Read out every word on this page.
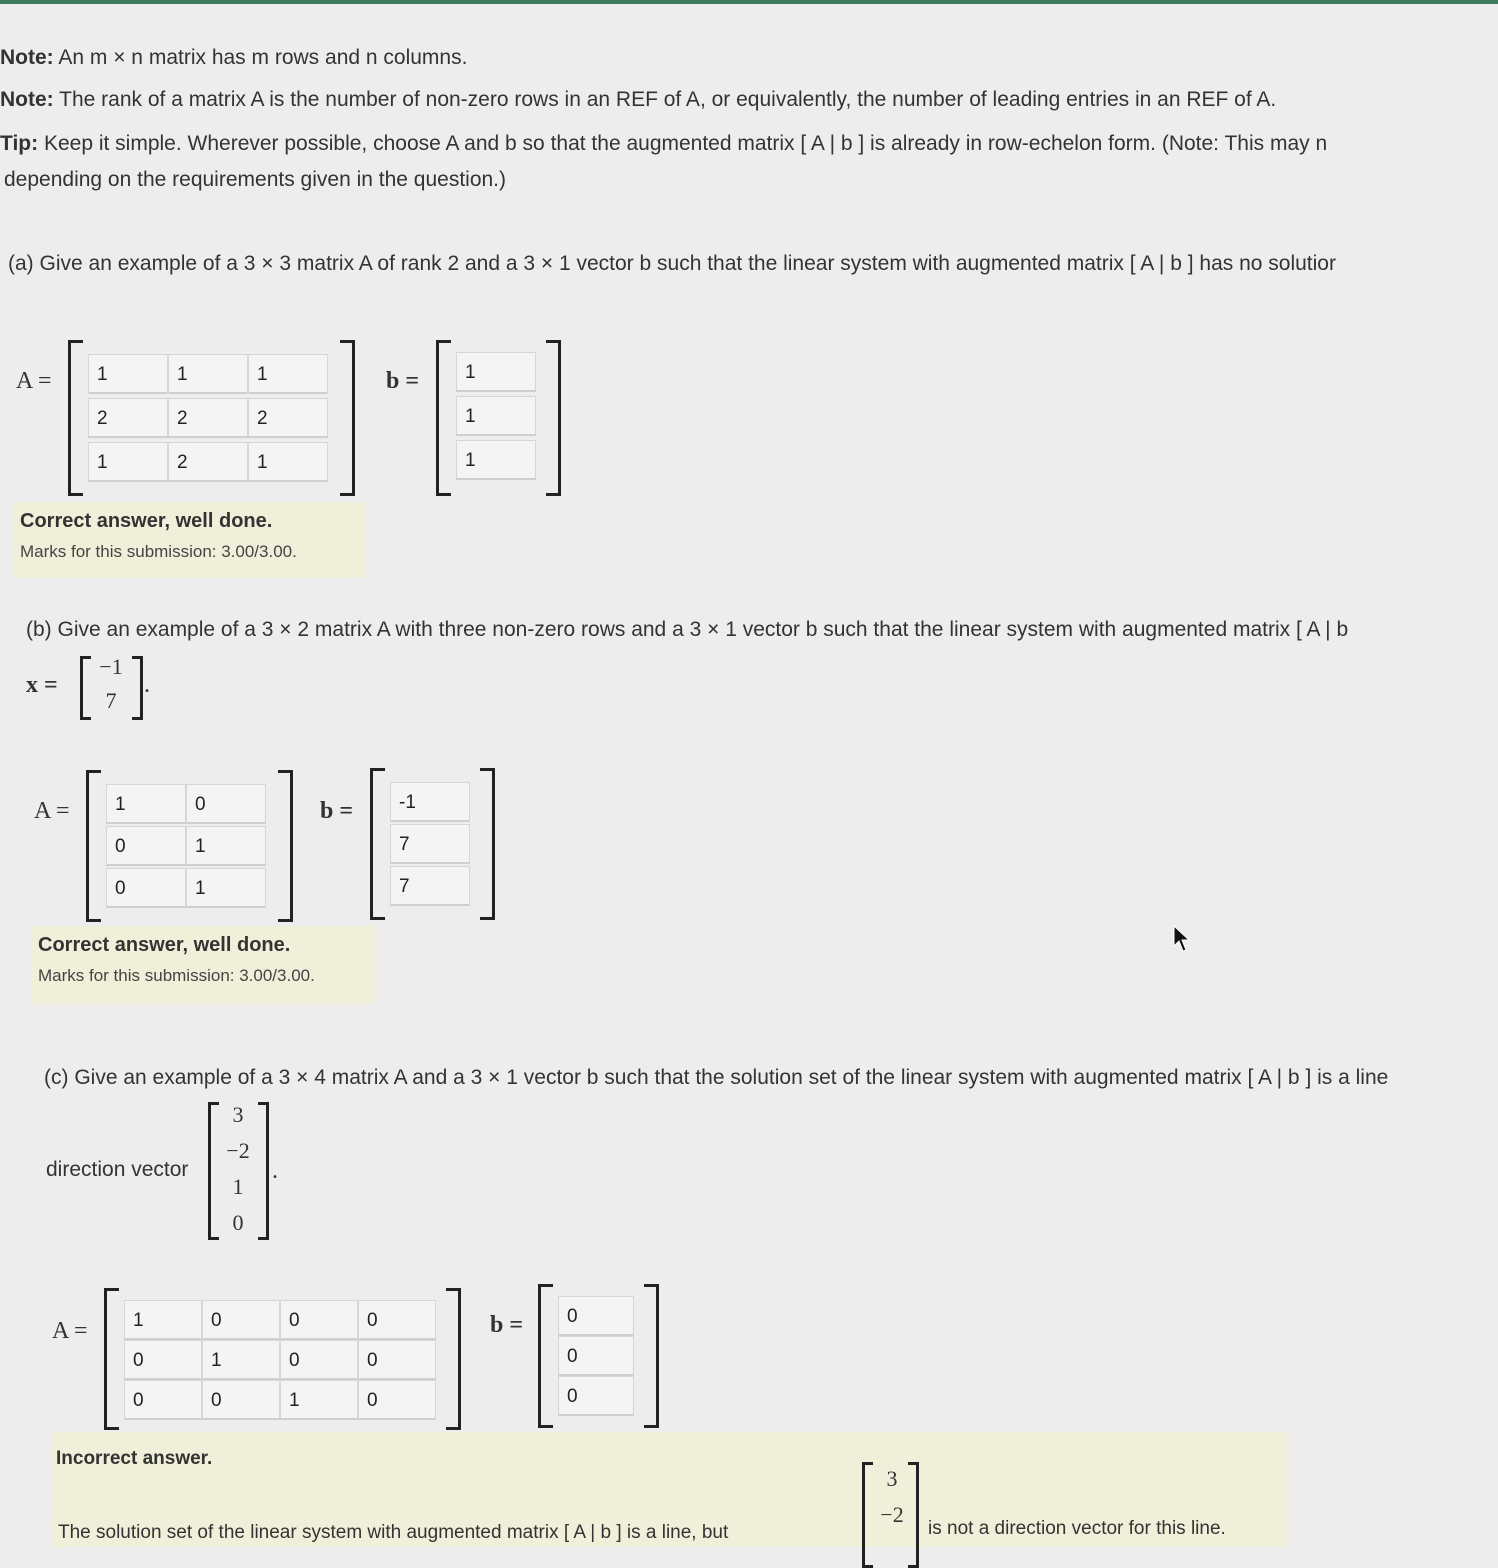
Note: An m × n matrix has m rows and n columns.
Note: The rank of a matrix A is the number of non-zero rows in an REF of A, or equivalently, the number of leading entries in an REF of A.
Tip: Keep it simple. Wherever possible, choose A and b so that the augmented matrix [ A | b ] is already in row-echelon form. (Note: This may n
depending on the requirements given in the question.)
(a) Give an example of a 3 × 3 matrix A of rank 2 and a 3 × 1 vector b such that the linear system with augmented matrix [ A | b ] has no solutior
A =	1	1	1
2	2	2
1	2	1
b =	1
1
1
Correct answer, well done.
Marks for this submission: 3.00/3.00.
(b) Give an example of a 3 × 2 matrix A with three non-zero rows and a 3 × 1 vector b such that the linear system with augmented matrix [ A | b
x =
−1
7
.
A =	1	0
0	1
0	1
b =	-1
7
7
Correct answer, well done.
Marks for this submission: 3.00/3.00.
(c) Give an example of a 3 × 4 matrix A and a 3 × 1 vector b such that the solution set of the linear system with augmented matrix [ A | b ] is a line
direction vector
3
−2
1
0
.
A =	1	0	0	0
0	1	0	0
0	0	1	0
b =	0
0
0
Incorrect answer.
The solution set of the linear system with augmented matrix [ A | b ] is a line, but
3
−2
is not a direction vector for this line.
